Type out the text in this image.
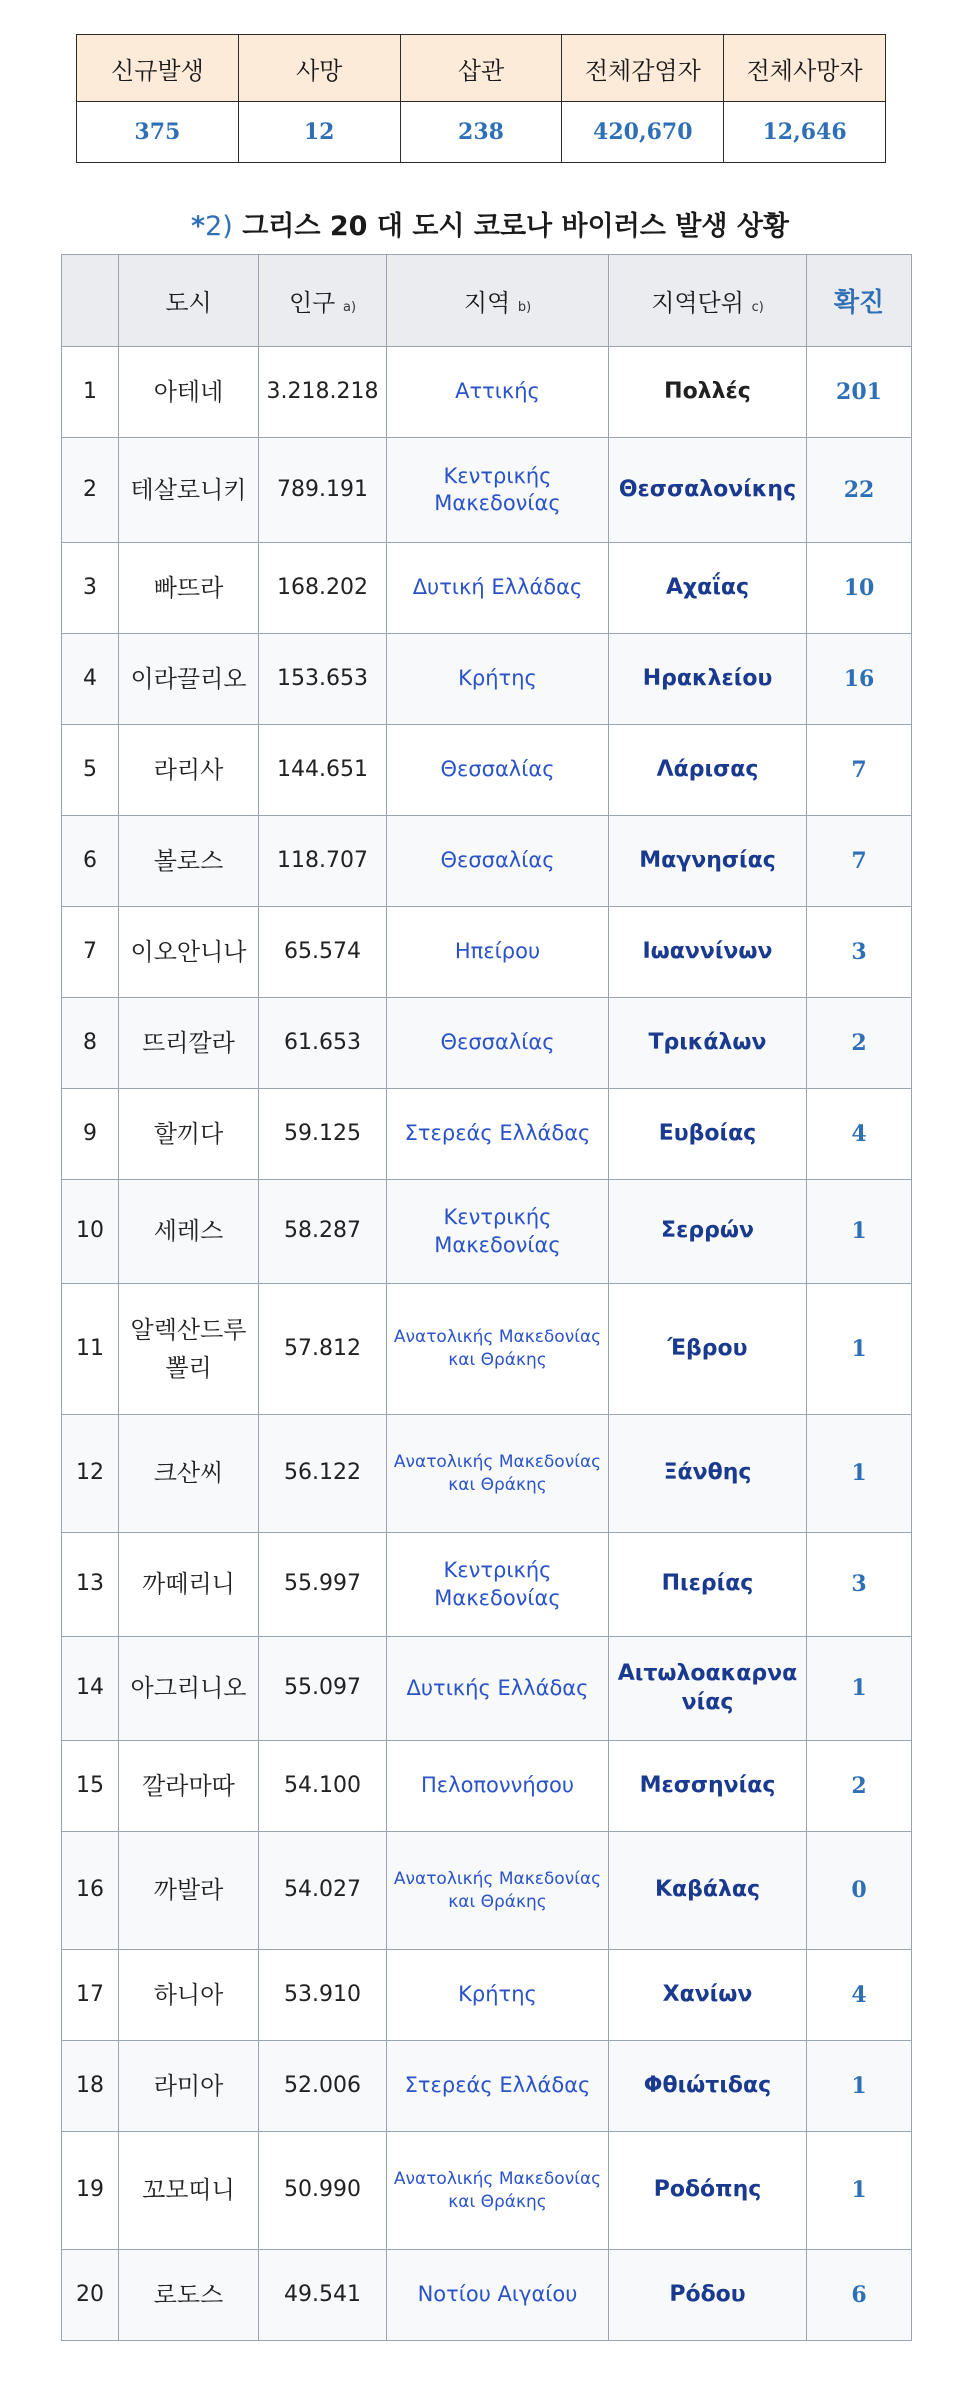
신규발생	사망	삽관	전체감염자	전체사망자
375	12	238	420,670	12,646
*2) 그리스 20 대 도시 코로나 바이러스 발생 상황
	도시	인구 a)	지역 b)	지역단위 c)	확진
1	아테네	3.218.218	Αττικής	Πολλές	201
2	테살로니키	789.191	Κεντρικής Μακεδονίας	Θεσσαλονίκης	22
3	빠뜨라	168.202	Δυτική Ελλάδας	Αχαΐας	10
4	이라끌리오	153.653	Κρήτης	Ηρακλείου	16
5	라리사	144.651	Θεσσαλίας	Λάρισας	7
6	볼로스	118.707	Θεσσαλίας	Μαγνησίας	7
7	이오안니나	65.574	Ηπείρου	Ιωαννίνων	3
8	뜨리깔라	61.653	Θεσσαλίας	Τρικάλων	2
9	할끼다	59.125	Στερεάς Ελλάδας	Ευβοίας	4
10	세레스	58.287	Κεντρικής Μακεδονίας	Σερρών	1
11	알렉산드루뽈리	57.812	Ανατολικής Μακεδονίας και Θράκης	Έβρου	1
12	크산씨	56.122	Ανατολικής Μακεδονίας και Θράκης	Ξάνθης	1
13	까떼리니	55.997	Κεντρικής Μακεδονίας	Πιερίας	3
14	아그리니오	55.097	Δυτικής Ελλάδας	Αιτωλοακαρνανίας	1
15	깔라마따	54.100	Πελοποννήσου	Μεσσηνίας	2
16	까발라	54.027	Ανατολικής Μακεδονίας και Θράκης	Καβάλας	0
17	하니아	53.910	Κρήτης	Χανίων	4
18	라미아	52.006	Στερεάς Ελλάδας	Φθιώτιδας	1
19	꼬모띠니	50.990	Ανατολικής Μακεδονίας και Θράκης	Ροδόπης	1
20	로도스	49.541	Νοτίου Αιγαίου	Ρόδου	6
